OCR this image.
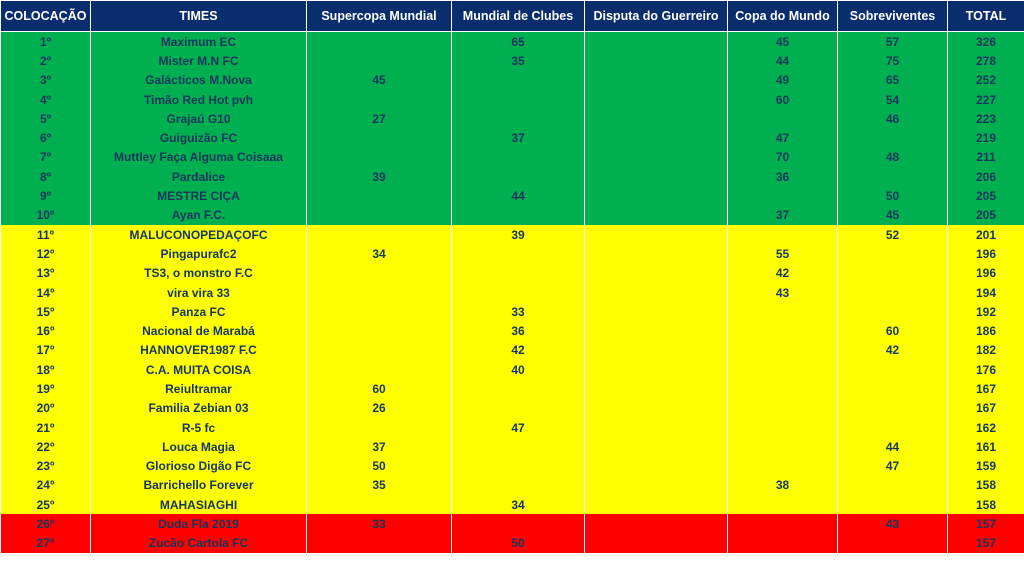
COLOCAÇÃO	TIMES	Supercopa Mundial	Mundial de Clubes	Disputa do Guerreiro	Copa do Mundo	Sobreviventes	TOTAL
1º	Maximum EC		65		45	57	326
2º	Mister M.N FC		35		44	75	278
3º	Galácticos M.Nova	45			49	65	252
4º	Timão Red Hot pvh				60	54	227
5º	Grajaú G10	27				46	223
6º	Guiguizão FC		37		47		219
7º	Muttley Faça Alguma Coisaaa				70	48	211
8º	Pardalice	39			36		206
9º	MESTRE CIÇA		44			50	205
10º	Ayan F.C.				37	45	205
11º	MALUCONOPEDAÇOFC		39			52	201
12º	Pingapurafc2	34			55		196
13º	TS3, o monstro F.C				42		196
14º	vira vira 33				43		194
15º	Panza FC		33				192
16º	Nacional de Marabá		36			60	186
17º	HANNOVER1987 F.C		42			42	182
18º	C.A. MUITA COISA		40				176
19º	Reiultramar	60					167
20º	Familia Zebian 03	26					167
21º	R-5 fc		47				162
22º	Louca Magia	37				44	161
23º	Glorioso Digão FC	50				47	159
24º	Barrichello Forever	35			38		158
25º	MAHASIAGHI		34				158
26º	Duda Fla 2019	33				43	157
27º	Zucão Cartola FC		50				157
